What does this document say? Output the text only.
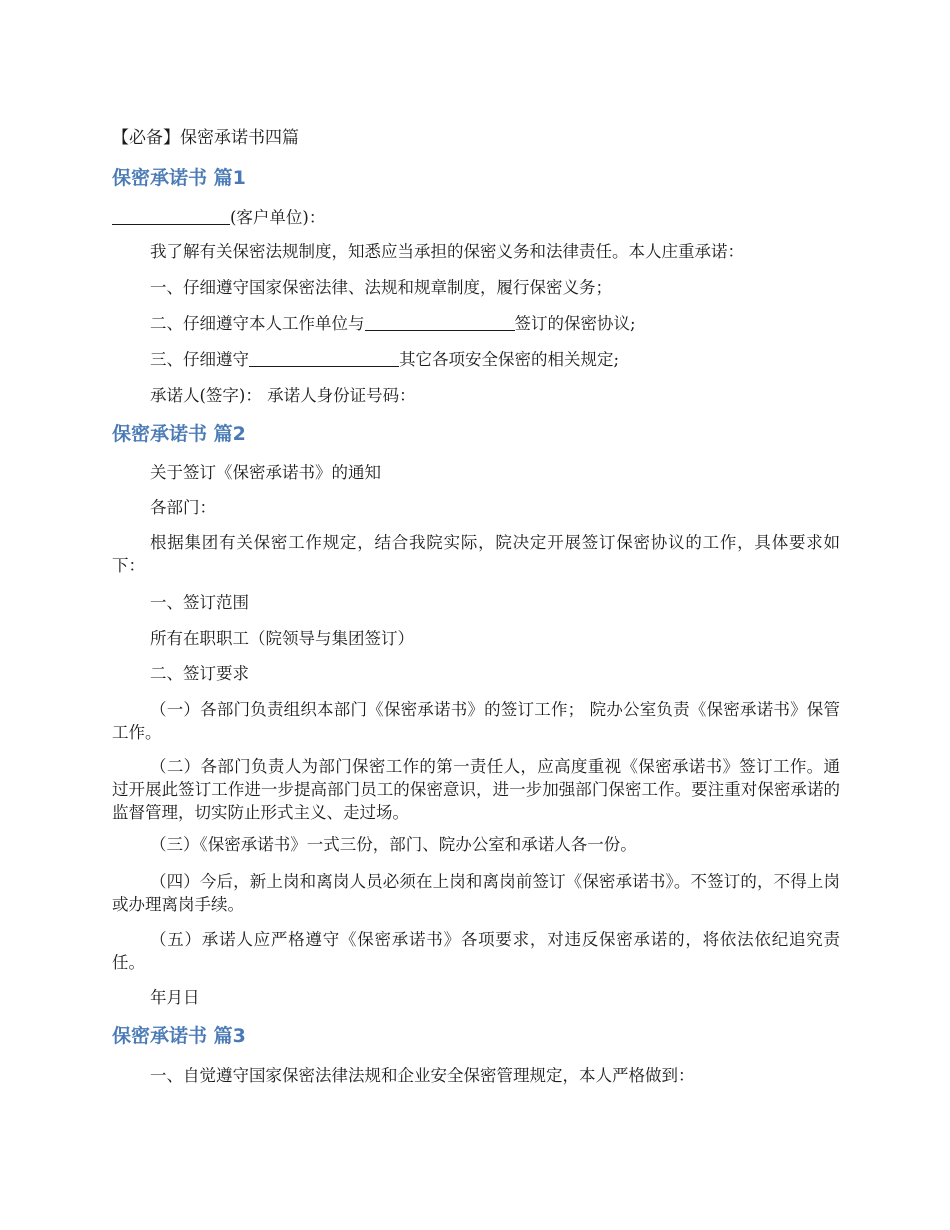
【必备】保密承诺书四篇
保密承诺书 篇1
(客户单位)：
我了解有关保密法规制度，知悉应当承担的保密义务和法律责任。本人庄重承诺：
一、仔细遵守国家保密法律、法规和规章制度，履行保密义务；
二、仔细遵守本人工作单位与	签订的保密协议;
三、仔细遵守	其它各项安全保密的相关规定;
承诺人(签字)： 承诺人身份证号码：
保密承诺书 篇2
关于签订《保密承诺书》的通知
各部门：
根据集团有关保密工作规定，结合我院实际，院决定开展签订保密协议的工作，具体要求如下：
一、签订范围
所有在职职工（院领导与集团签订）
二、签订要求
（一）各部门负责组织本部门《保密承诺书》的签订工作； 院办公室负责《保密承诺书》保管工作。
（二）各部门负责人为部门保密工作的第一责任人，应高度重视《保密承诺书》签订工作。通过开展此签订工作进一步提高部门员工的保密意识，进一步加强部门保密工作。要注重对保密承诺的监督管理，切实防止形式主义、走过场。
（三）《保密承诺书》一式三份，部门、院办公室和承诺人各一份。
（四）今后，新上岗和离岗人员必须在上岗和离岗前签订《保密承诺书》。不签订的，不得上岗或办理离岗手续。
（五）承诺人应严格遵守《保密承诺书》各项要求，对违反保密承诺的，将依法依纪追究责任。
年月日
保密承诺书 篇3
一、自觉遵守国家保密法律法规和企业安全保密管理规定，本人严格做到：
